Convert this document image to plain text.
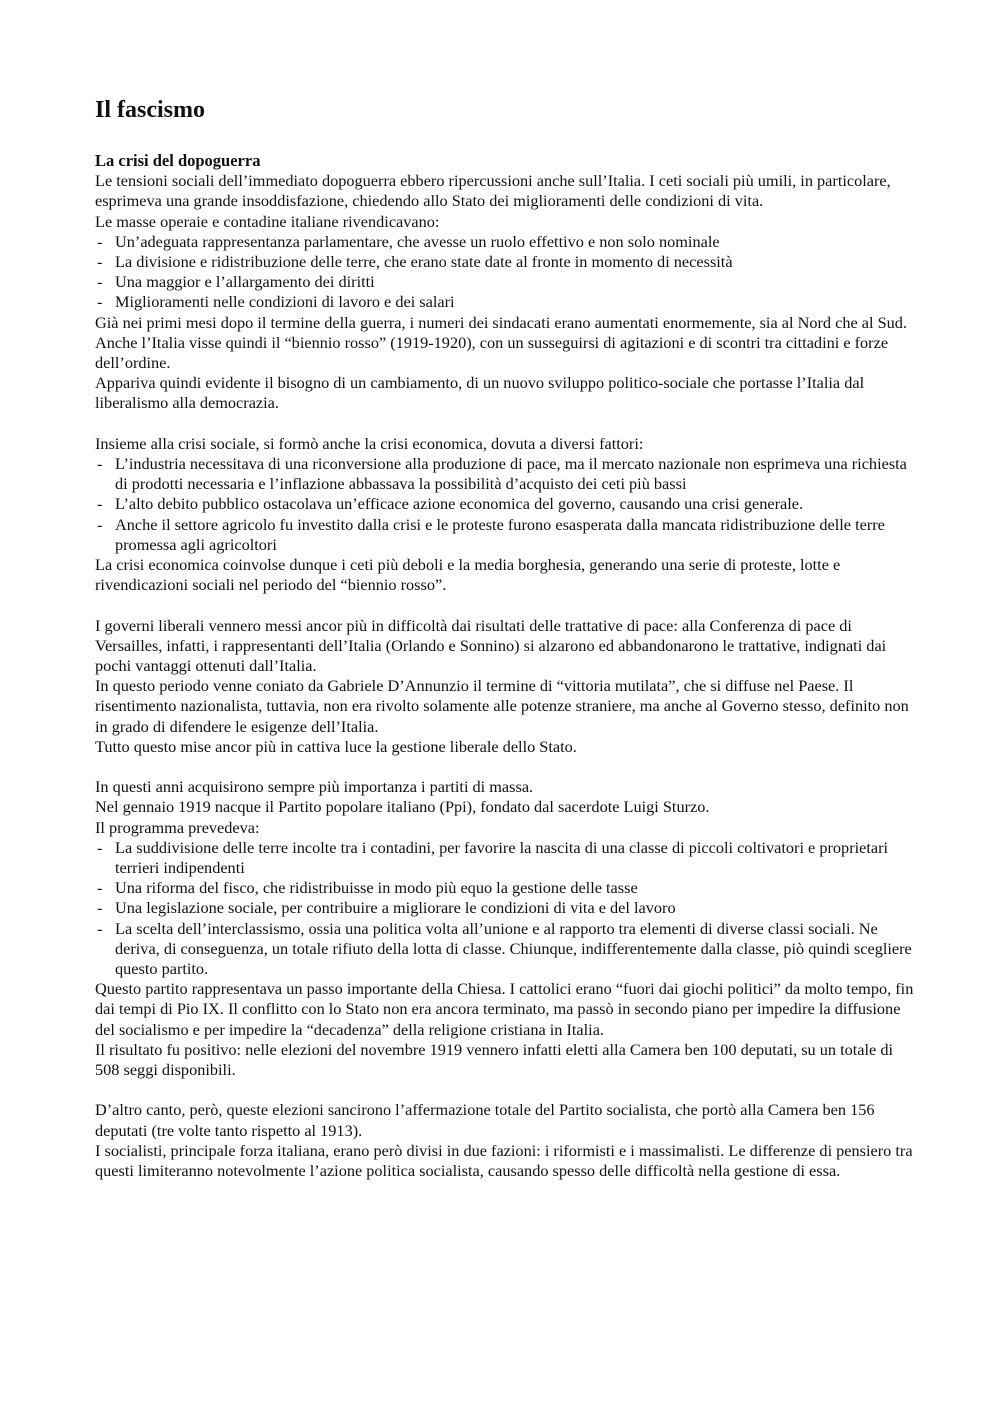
Il fascismo
La crisi del dopoguerra

Le tensioni sociali dell’immediato dopoguerra ebbero ripercussioni anche sull’Italia. I ceti sociali più umili, in particolare, esprimeva una grande insoddisfazione, chiedendo allo Stato dei miglioramenti delle condizioni di vita.

Le masse operaie e contadine italiane rivendicavano:

- Un’adeguata rappresentanza parlamentare, che avesse un ruolo effettivo e non solo nominale
- La divisione e ridistribuzione delle terre, che erano state date al fronte in momento di necessità
- Una maggior e l’allargamento dei diritti
- Miglioramenti nelle condizioni di lavoro e dei salari

Già nei primi mesi dopo il termine della guerra, i numeri dei sindacati erano aumentati enormemente, sia al Nord che al Sud.

Anche l’Italia visse quindi il “biennio rosso” (1919-1920), con un susseguirsi di agitazioni e di scontri tra cittadini e forze dell’ordine.

Appariva quindi evidente il bisogno di un cambiamento, di un nuovo sviluppo politico-sociale che portasse l’Italia dal liberalismo alla democrazia.

Insieme alla crisi sociale, si formò anche la crisi economica, dovuta a diversi fattori:

- L’industria necessitava di una riconversione alla produzione di pace, ma il mercato nazionale non esprimeva una richiesta di prodotti necessaria e l’inflazione abbassava la possibilità d’acquisto dei ceti più bassi
- L’alto debito pubblico ostacolava un’efficace azione economica del governo, causando una crisi generale.
- Anche il settore agricolo fu investito dalla crisi e le proteste furono esasperata dalla mancata ridistribuzione delle terre promessa agli agricoltori

La crisi economica coinvolse dunque i ceti più deboli e la media borghesia, generando una serie di proteste, lotte e rivendicazioni sociali nel periodo del “biennio rosso”.

I governi liberali vennero messi ancor più in difficoltà dai risultati delle trattative di pace: alla Conferenza di pace di Versailles, infatti, i rappresentanti dell’Italia (Orlando e Sonnino) si alzarono ed abbandonarono le trattative, indignati dai pochi vantaggi ottenuti dall’Italia.

In questo periodo venne coniato da Gabriele D’Annunzio il termine di “vittoria mutilata”, che si diffuse nel Paese. Il risentimento nazionalista, tuttavia, non era rivolto solamente alle potenze straniere, ma anche al Governo stesso, definito non in grado di difendere le esigenze dell’Italia.

Tutto questo mise ancor più in cattiva luce la gestione liberale dello Stato.

In questi anni acquisirono sempre più importanza i partiti di massa.

Nel gennaio 1919 nacque il Partito popolare italiano (Ppi), fondato dal sacerdote Luigi Sturzo.

Il programma prevedeva:

- La suddivisione delle terre incolte tra i contadini, per favorire la nascita di una classe di piccoli coltivatori e proprietari terrieri indipendenti
- Una riforma del fisco, che ridistribuisse in modo più equo la gestione delle tasse
- Una legislazione sociale, per contribuire a migliorare le condizioni di vita e del lavoro
- La scelta dell’interclassismo, ossia una politica volta all’unione e al rapporto tra elementi di diverse classi sociali. Ne deriva, di conseguenza, un totale rifiuto della lotta di classe. Chiunque, indifferentemente dalla classe, piò quindi scegliere questo partito.

Questo partito rappresentava un passo importante della Chiesa. I cattolici erano “fuori dai giochi politici” da molto tempo, fin dai tempi di Pio IX. Il conflitto con lo Stato non era ancora terminato, ma passò in secondo piano per impedire la diffusione del socialismo e per impedire la “decadenza” della religione cristiana in Italia.

Il risultato fu positivo: nelle elezioni del novembre 1919 vennero infatti eletti alla Camera ben 100 deputati, su un totale di 508 seggi disponibili.

D’altro canto, però, queste elezioni sancirono l’affermazione totale del Partito socialista, che portò alla Camera ben 156 deputati (tre volte tanto rispetto al 1913).

I socialisti, principale forza italiana, erano però divisi in due fazioni: i riformisti e i massimalisti. Le differenze di pensiero tra questi limiteranno notevolmente l’azione politica socialista, causando spesso delle difficoltà nella gestione di essa.
